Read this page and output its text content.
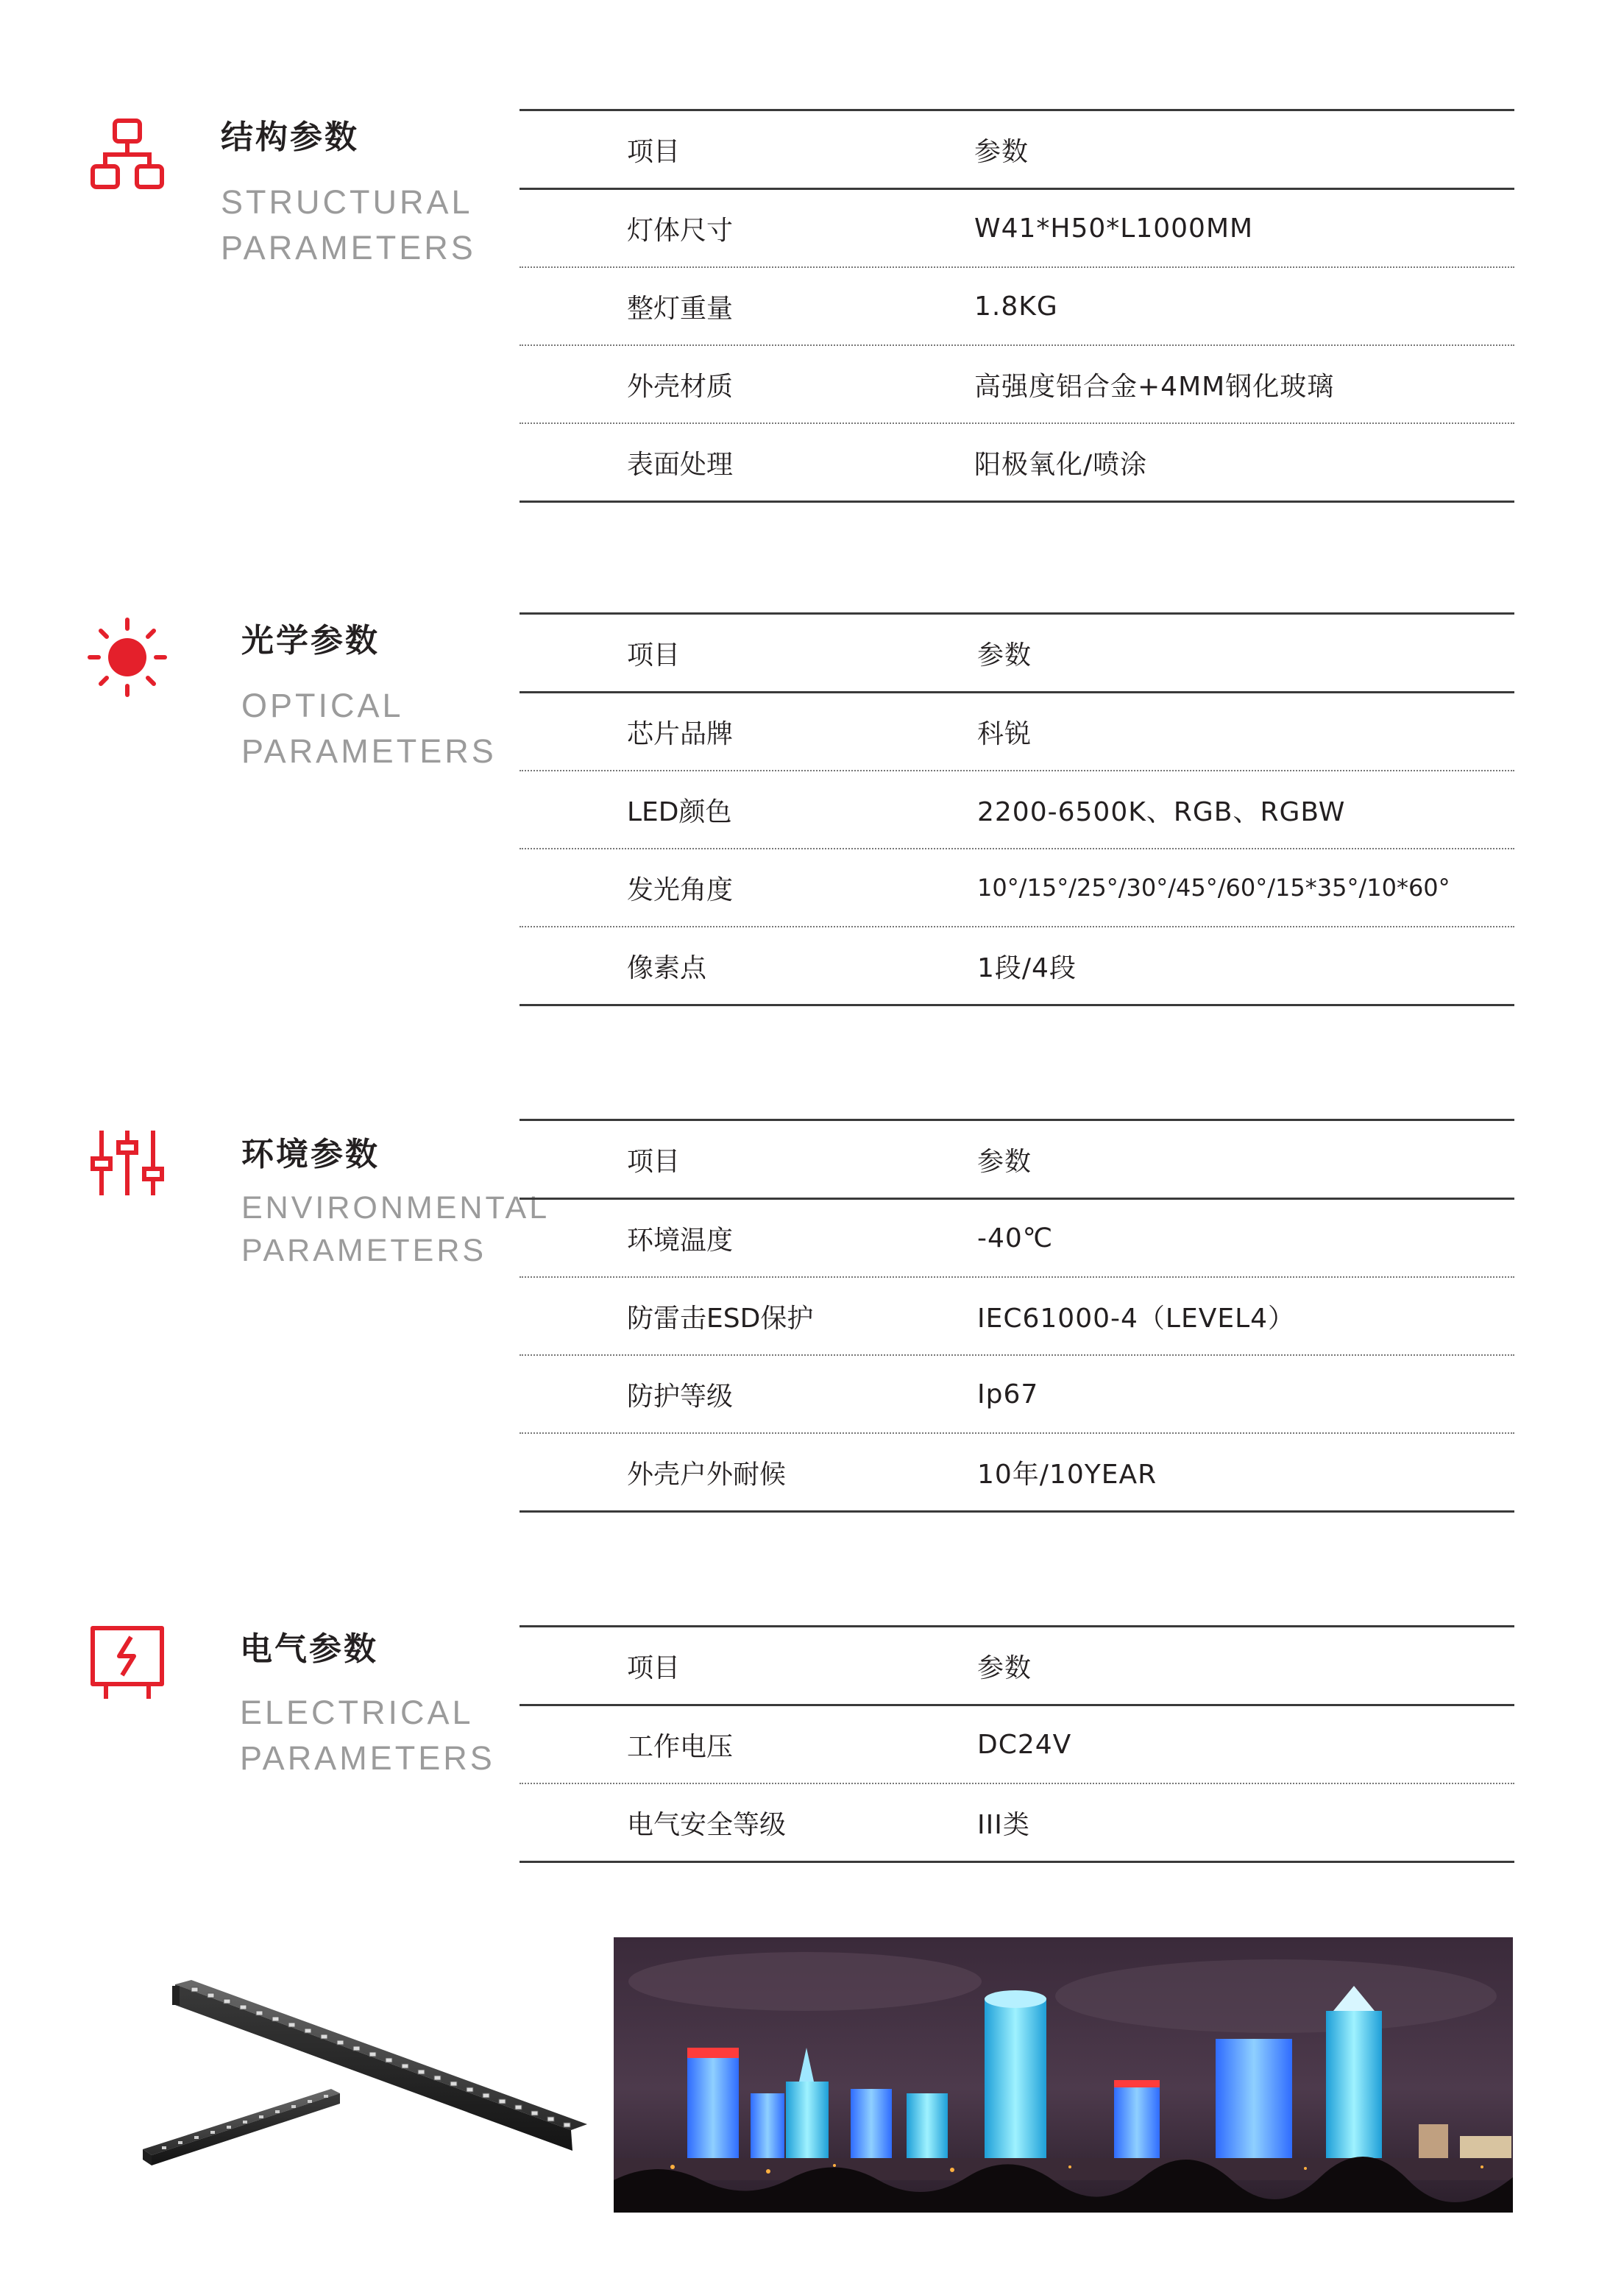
结构参数
STRUCTURAL
PARAMETERS
项目	参数
灯体尺寸	W41*H50*L1000MM
整灯重量	1.8KG
外壳材质	高强度铝合金+4MM钢化玻璃
表面处理	阳极氧化/喷涂
光学参数
OPTICAL
PARAMETERS
项目	参数
芯片品牌	科锐
LED颜色	2200-6500K、RGB、RGBW
发光角度	10°/15°/25°/30°/45°/60°/15*35°/10*60°
像素点	1段/4段
环境参数
ENVIRONMENTAL
PARAMETERS
项目	参数
环境温度	-40℃
防雷击ESD保护	IEC61000-4（LEVEL4）
防护等级	Ip67
外壳户外耐候	10年/10YEAR
电气参数
ELECTRICAL
PARAMETERS
项目	参数
工作电压	DC24V
电气安全等级	III类
